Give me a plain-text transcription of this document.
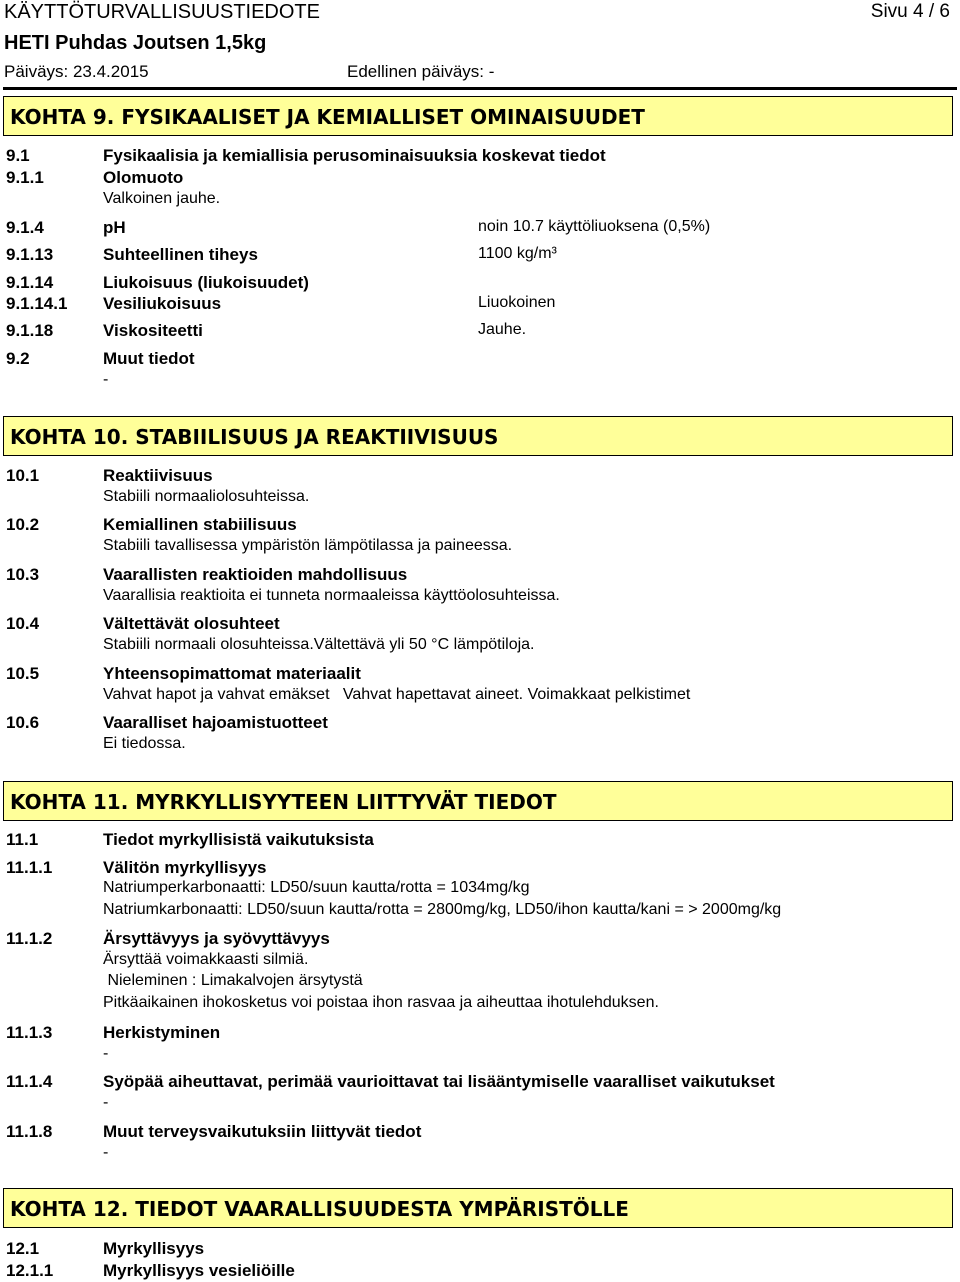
KÄYTTÖTURVALLISUUSTIEDOTE	Sivu 4 / 6
HETI Puhdas Joutsen 1,5kg
Päiväys: 23.4.2015	Edellinen päiväys: -
KOHTA 9. FYSIKAALISET JA KEMIALLISET OMINAISUUDET
9.1	Fysikaalisia ja kemiallisia perusominaisuuksia koskevat tiedot
9.1.1	Olomuoto
Valkoinen jauhe.
9.1.4	pH	noin 10.7 käyttöliuoksena (0,5%)
9.1.13	Suhteellinen tiheys	1100 kg/m³
9.1.14	Liukoisuus (liukoisuudet)
9.1.14.1 Vesiliukoisuus	Liuokoinen
9.1.18	Viskositeetti	Jauhe.
9.2	Muut tiedot
-
KOHTA 10. STABIILISUUS JA REAKTIIVISUUS
10.1	Reaktiivisuus
Stabiili normaaliolosuhteissa.
10.2	Kemiallinen stabiilisuus
Stabiili tavallisessa ympäristön lämpötilassa ja paineessa.
10.3	Vaarallisten reaktioiden mahdollisuus
Vaarallisia reaktioita ei tunneta normaaleissa käyttöolosuhteissa.
10.4	Vältettävät olosuhteet
Stabiili normaali olosuhteissa.Vältettävä yli 50 °C lämpötiloja.
10.5	Yhteensopimattomat materiaalit
Vahvat hapot ja vahvat emäkset   Vahvat hapettavat aineet. Voimakkaat pelkistimet
10.6	Vaaralliset hajoamistuotteet
Ei tiedossa.
KOHTA 11. MYRKYLLISYYTEEN LIITTYVÄT TIEDOT
11.1	Tiedot myrkyllisistä vaikutuksista
11.1.1	Välitön myrkyllisyys
Natriumperkarbonaatti: LD50/suun kautta/rotta = 1034mg/kg
Natriumkarbonaatti: LD50/suun kautta/rotta = 2800mg/kg, LD50/ihon kautta/kani = > 2000mg/kg
11.1.2	Ärsyttävyys ja syövyttävyys
Ärsyttää voimakkaasti silmiä.
Nieleminen : Limakalvojen ärsytystä
Pitkäaikainen ihokosketus voi poistaa ihon rasvaa ja aiheuttaa ihotulehduksen.
11.1.3	Herkistyminen
-
11.1.4	Syöpää aiheuttavat, perimää vaurioittavat tai lisääntymiselle vaaralliset vaikutukset
-
11.1.8	Muut terveysvaikutuksiin liittyvät tiedot
-
KOHTA 12. TIEDOT VAARALLISUUDESTA YMPÄRISTÖLLE
12.1	Myrkyllisyys
12.1.1	Myrkyllisyys vesieliöille
